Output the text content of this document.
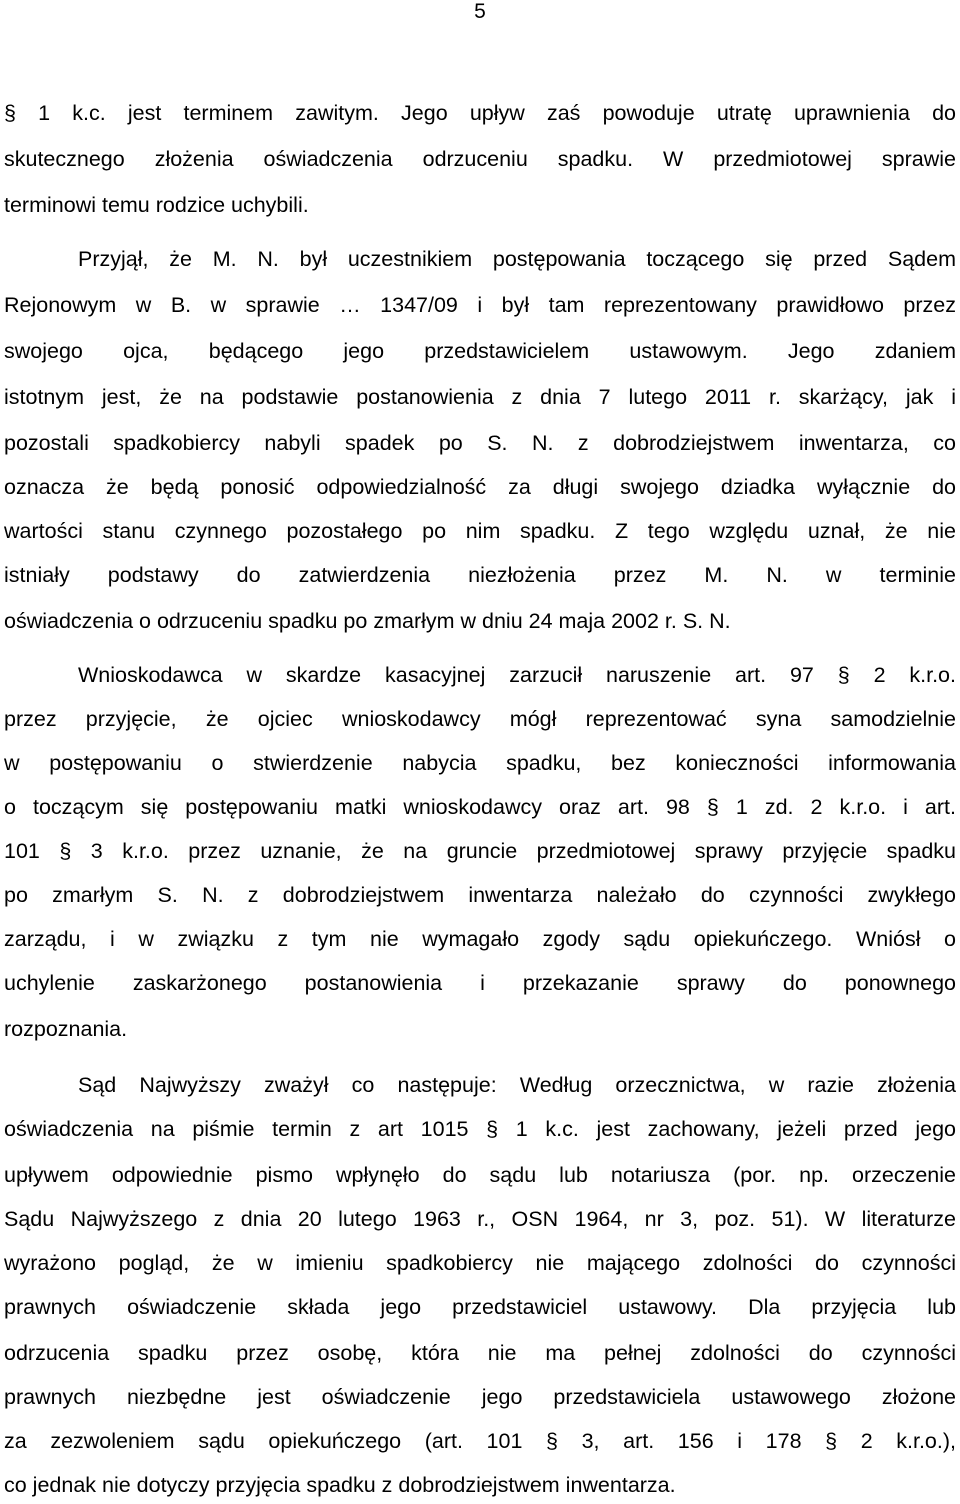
5
§ 1 k.c. jest terminem zawitym. Jego upływ zaś powoduje utratę uprawnienia do
skutecznego złożenia oświadczenia odrzuceniu spadku. W przedmiotowej sprawie
terminowi temu rodzice uchybili.
Przyjął, że M. N. był uczestnikiem postępowania toczącego się przed Sądem
Rejonowym w B. w sprawie … 1347/09 i był tam reprezentowany prawidłowo przez
swojego ojca, będącego jego przedstawicielem ustawowym. Jego zdaniem
istotnym jest, że na podstawie postanowienia z dnia 7 lutego 2011 r. skarżący, jak i
pozostali spadkobiercy nabyli spadek po S. N. z dobrodziejstwem inwentarza, co
oznacza że będą ponosić odpowiedzialność za długi swojego dziadka wyłącznie do
wartości stanu czynnego pozostałego po nim spadku. Z tego względu uznał, że nie
istniały podstawy do zatwierdzenia niezłożenia przez M. N. w terminie
oświadczenia o odrzuceniu spadku po zmarłym w dniu 24 maja 2002 r. S. N.
Wnioskodawca w skardze kasacyjnej zarzucił naruszenie art. 97 § 2 k.r.o.
przez przyjęcie, że ojciec wnioskodawcy mógł reprezentować syna samodzielnie
w postępowaniu o stwierdzenie nabycia spadku, bez konieczności informowania
o toczącym się postępowaniu matki wnioskodawcy oraz art. 98 § 1 zd. 2 k.r.o. i art.
101 § 3 k.r.o. przez uznanie, że na gruncie przedmiotowej sprawy przyjęcie spadku
po zmarłym S. N. z dobrodziejstwem inwentarza należało do czynności zwykłego
zarządu, i w związku z tym nie wymagało zgody sądu opiekuńczego. Wniósł o
uchylenie zaskarżonego postanowienia i przekazanie sprawy do ponownego
rozpoznania.
Sąd Najwyższy zważył co następuje: Według orzecznictwa, w razie złożenia
oświadczenia na piśmie termin z art 1015 § 1 k.c. jest zachowany, jeżeli przed jego
upływem odpowiednie pismo wpłynęło do sądu lub notariusza (por. np. orzeczenie
Sądu Najwyższego z dnia 20 lutego 1963 r., OSN 1964, nr 3, poz. 51). W literaturze
wyrażono pogląd, że w imieniu spadkobiercy nie mającego zdolności do czynności
prawnych oświadczenie składa jego przedstawiciel ustawowy. Dla przyjęcia lub
odrzucenia spadku przez osobę, która nie ma pełnej zdolności do czynności
prawnych niezbędne jest oświadczenie jego przedstawiciela ustawowego złożone
za zezwoleniem sądu opiekuńczego (art. 101 § 3, art. 156 i 178 § 2 k.r.o.),
co jednak nie dotyczy przyjęcia spadku z dobrodziejstwem inwentarza.
